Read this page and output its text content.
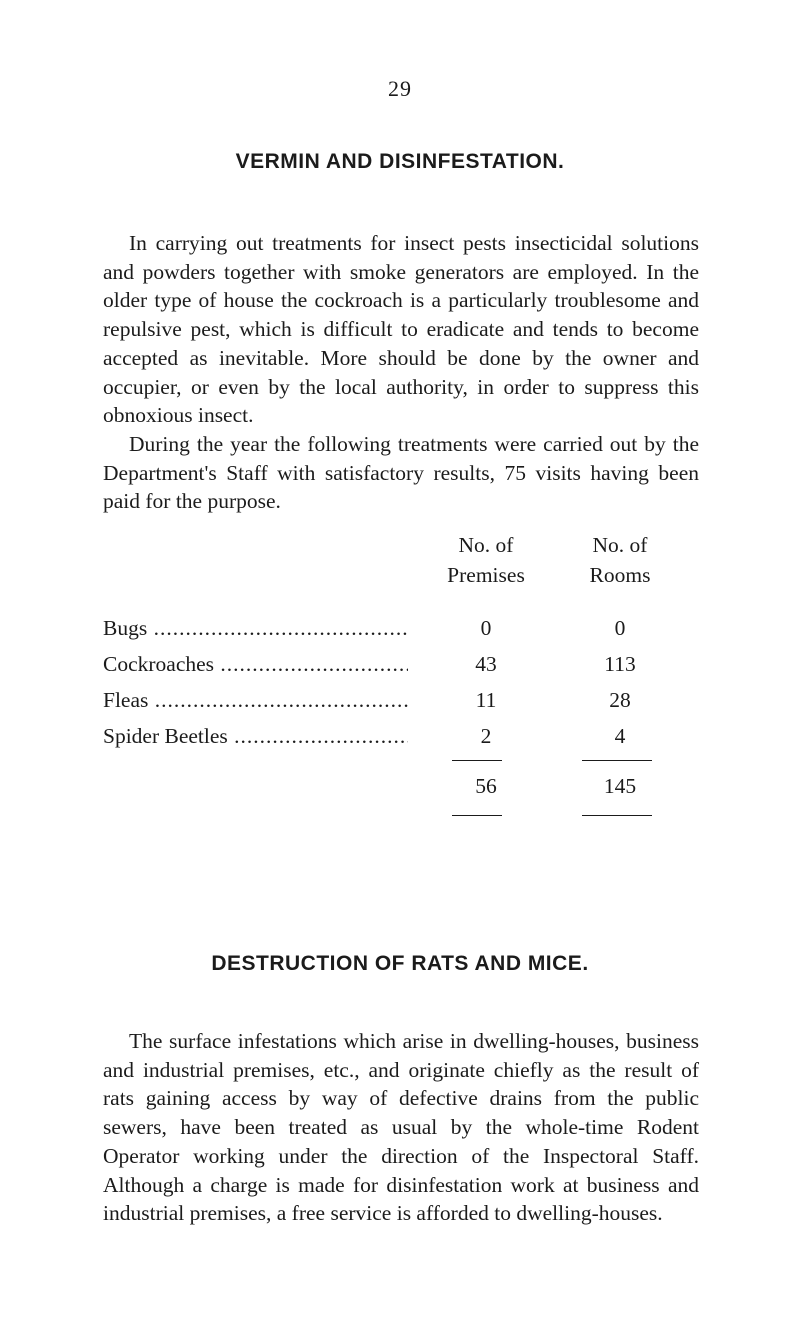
29
VERMIN AND DISINFESTATION.

In carrying out treatments for insect pests insecticidal solutions and powders together with smoke generators are employed. In the older type of house the cockroach is a particularly troublesome and repulsive pest, which is difficult to eradicate and tends to become accepted as inevitable. More should be done by the owner and occupier, or even by the local authority, in order to suppress this obnoxious insect.

During the year the following treatments were carried out by the Department's Staff with satisfactory results, 75 visits having been paid for the purpose.

No. of
Premises
No. of
Rooms
Bugs .....	0	0
Cockroaches .....	43	113
Fleas .....	11	28
Spider Beetles .....	2	4
56	145
DESTRUCTION OF RATS AND MICE.

The surface infestations which arise in dwelling-houses, business and industrial premises, etc., and originate chiefly as the result of rats gaining access by way of defective drains from the public sewers, have been treated as usual by the whole-time Rodent Operator working under the direction of the Inspectoral Staff. Although a charge is made for disinfestation work at business and industrial premises, a free service is afforded to dwelling-houses.
